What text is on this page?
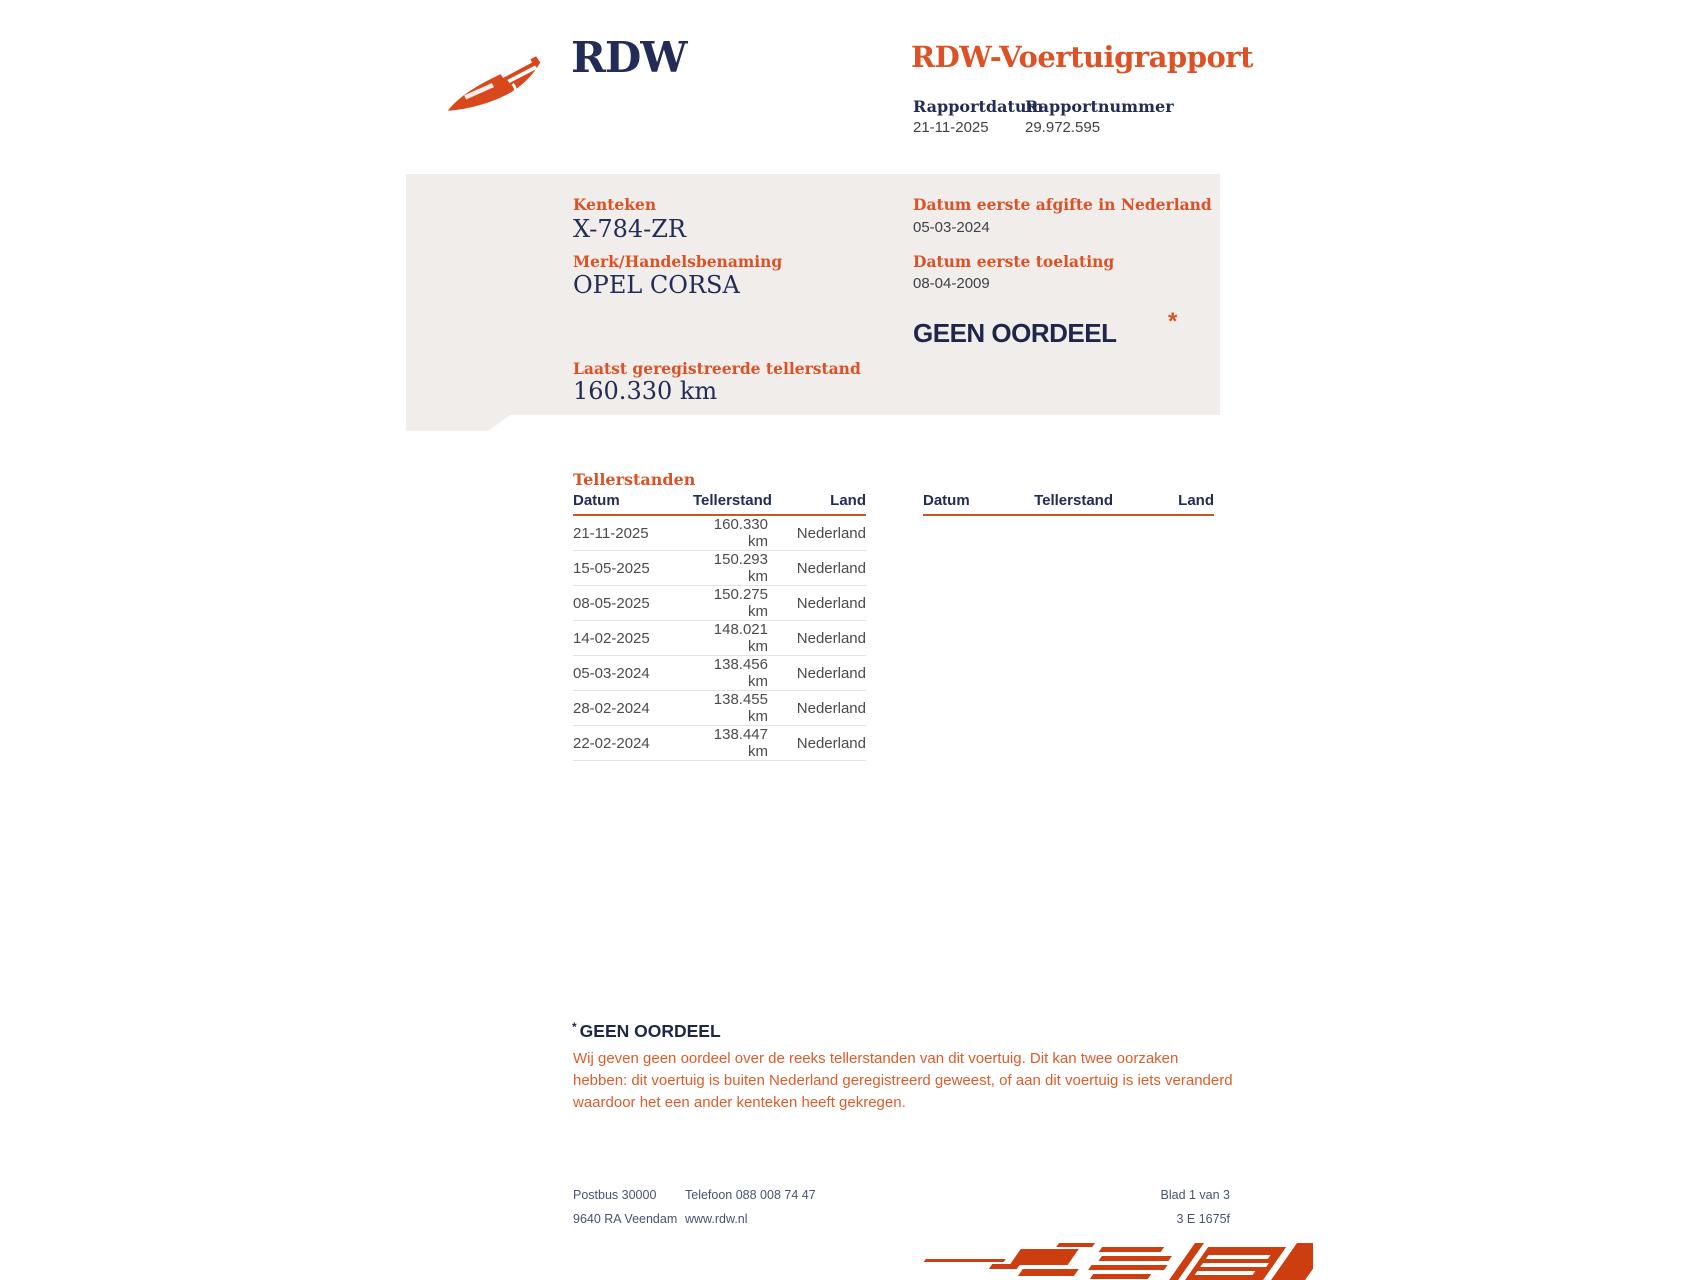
RDW	RDW-Voertuigrapport
Rapportdatum
Rapportnummer
21-11-2025 29.972.595
Kenteken
X-784-ZR
Merk/Handelsbenaming
OPEL CORSA
Laatst geregistreerde tellerstand
160.330 km
Datum eerste afgifte in Nederland
05-03-2024
Datum eerste toelating
08-04-2009
GEEN OORDEEL *
Tellerstanden
Datum	Tellerstand	Land
21-11-2025	160.330 km	Nederland
15-05-2025	150.293 km	Nederland
08-05-2025	150.275 km	Nederland
14-02-2025	148.021 km	Nederland
05-03-2024	138.456 km	Nederland
28-02-2024	138.455 km	Nederland
22-02-2024	138.447 km	Nederland
Datum	Tellerstand	Land
* GEEN OORDEEL
Wij geven geen oordeel over de reeks tellerstanden van dit voertuig. Dit kan twee oorzaken hebben: dit voertuig is buiten Nederland geregistreerd geweest, of aan dit voertuig is iets veranderd waardoor het een ander kenteken heeft gekregen.
Postbus 30000
9640 RA Veendam
Telefoon 088 008 74 47
www.rdw.nl
Blad 1 van 3
3 E 1675f
